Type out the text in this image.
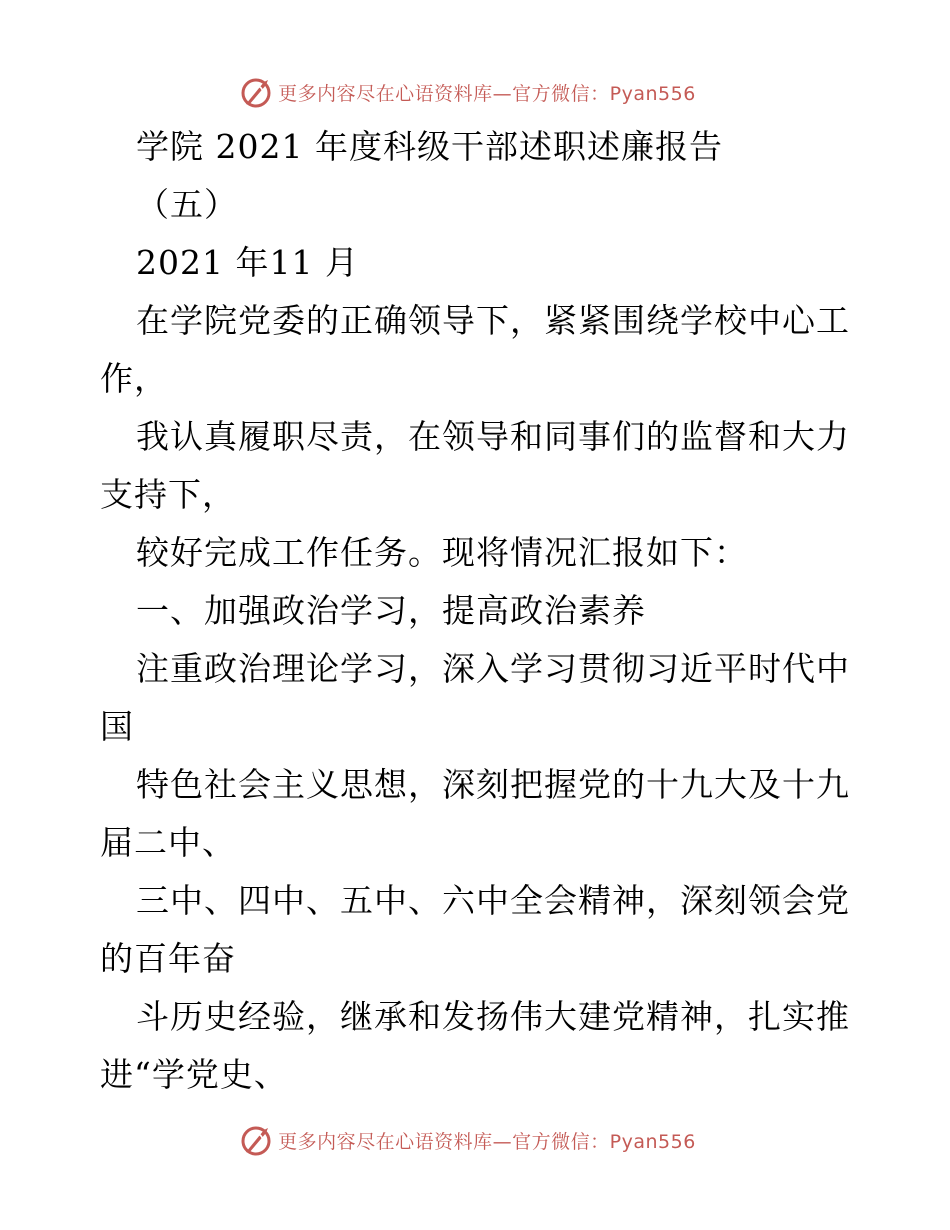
更多内容尽在心语资料库—官方微信：Pyan556
学院 2021 年度科级干部述职述廉报告
（五）
2021 年11 月
在学院党委的正确领导下，紧紧围绕学校中心工
作，
我认真履职尽责，在领导和同事们的监督和大力
支持下，
较好完成工作任务。现将情况汇报如下：
一、加强政治学习，提高政治素养
注重政治理论学习，深入学习贯彻习近平时代中
国
特色社会主义思想，深刻把握党的十九大及十九
届二中、
三中、四中、五中、六中全会精神，深刻领会党
的百年奋
斗历史经验，继承和发扬伟大建党精神，扎实推
进“学党史、
更多内容尽在心语资料库—官方微信：Pyan556
